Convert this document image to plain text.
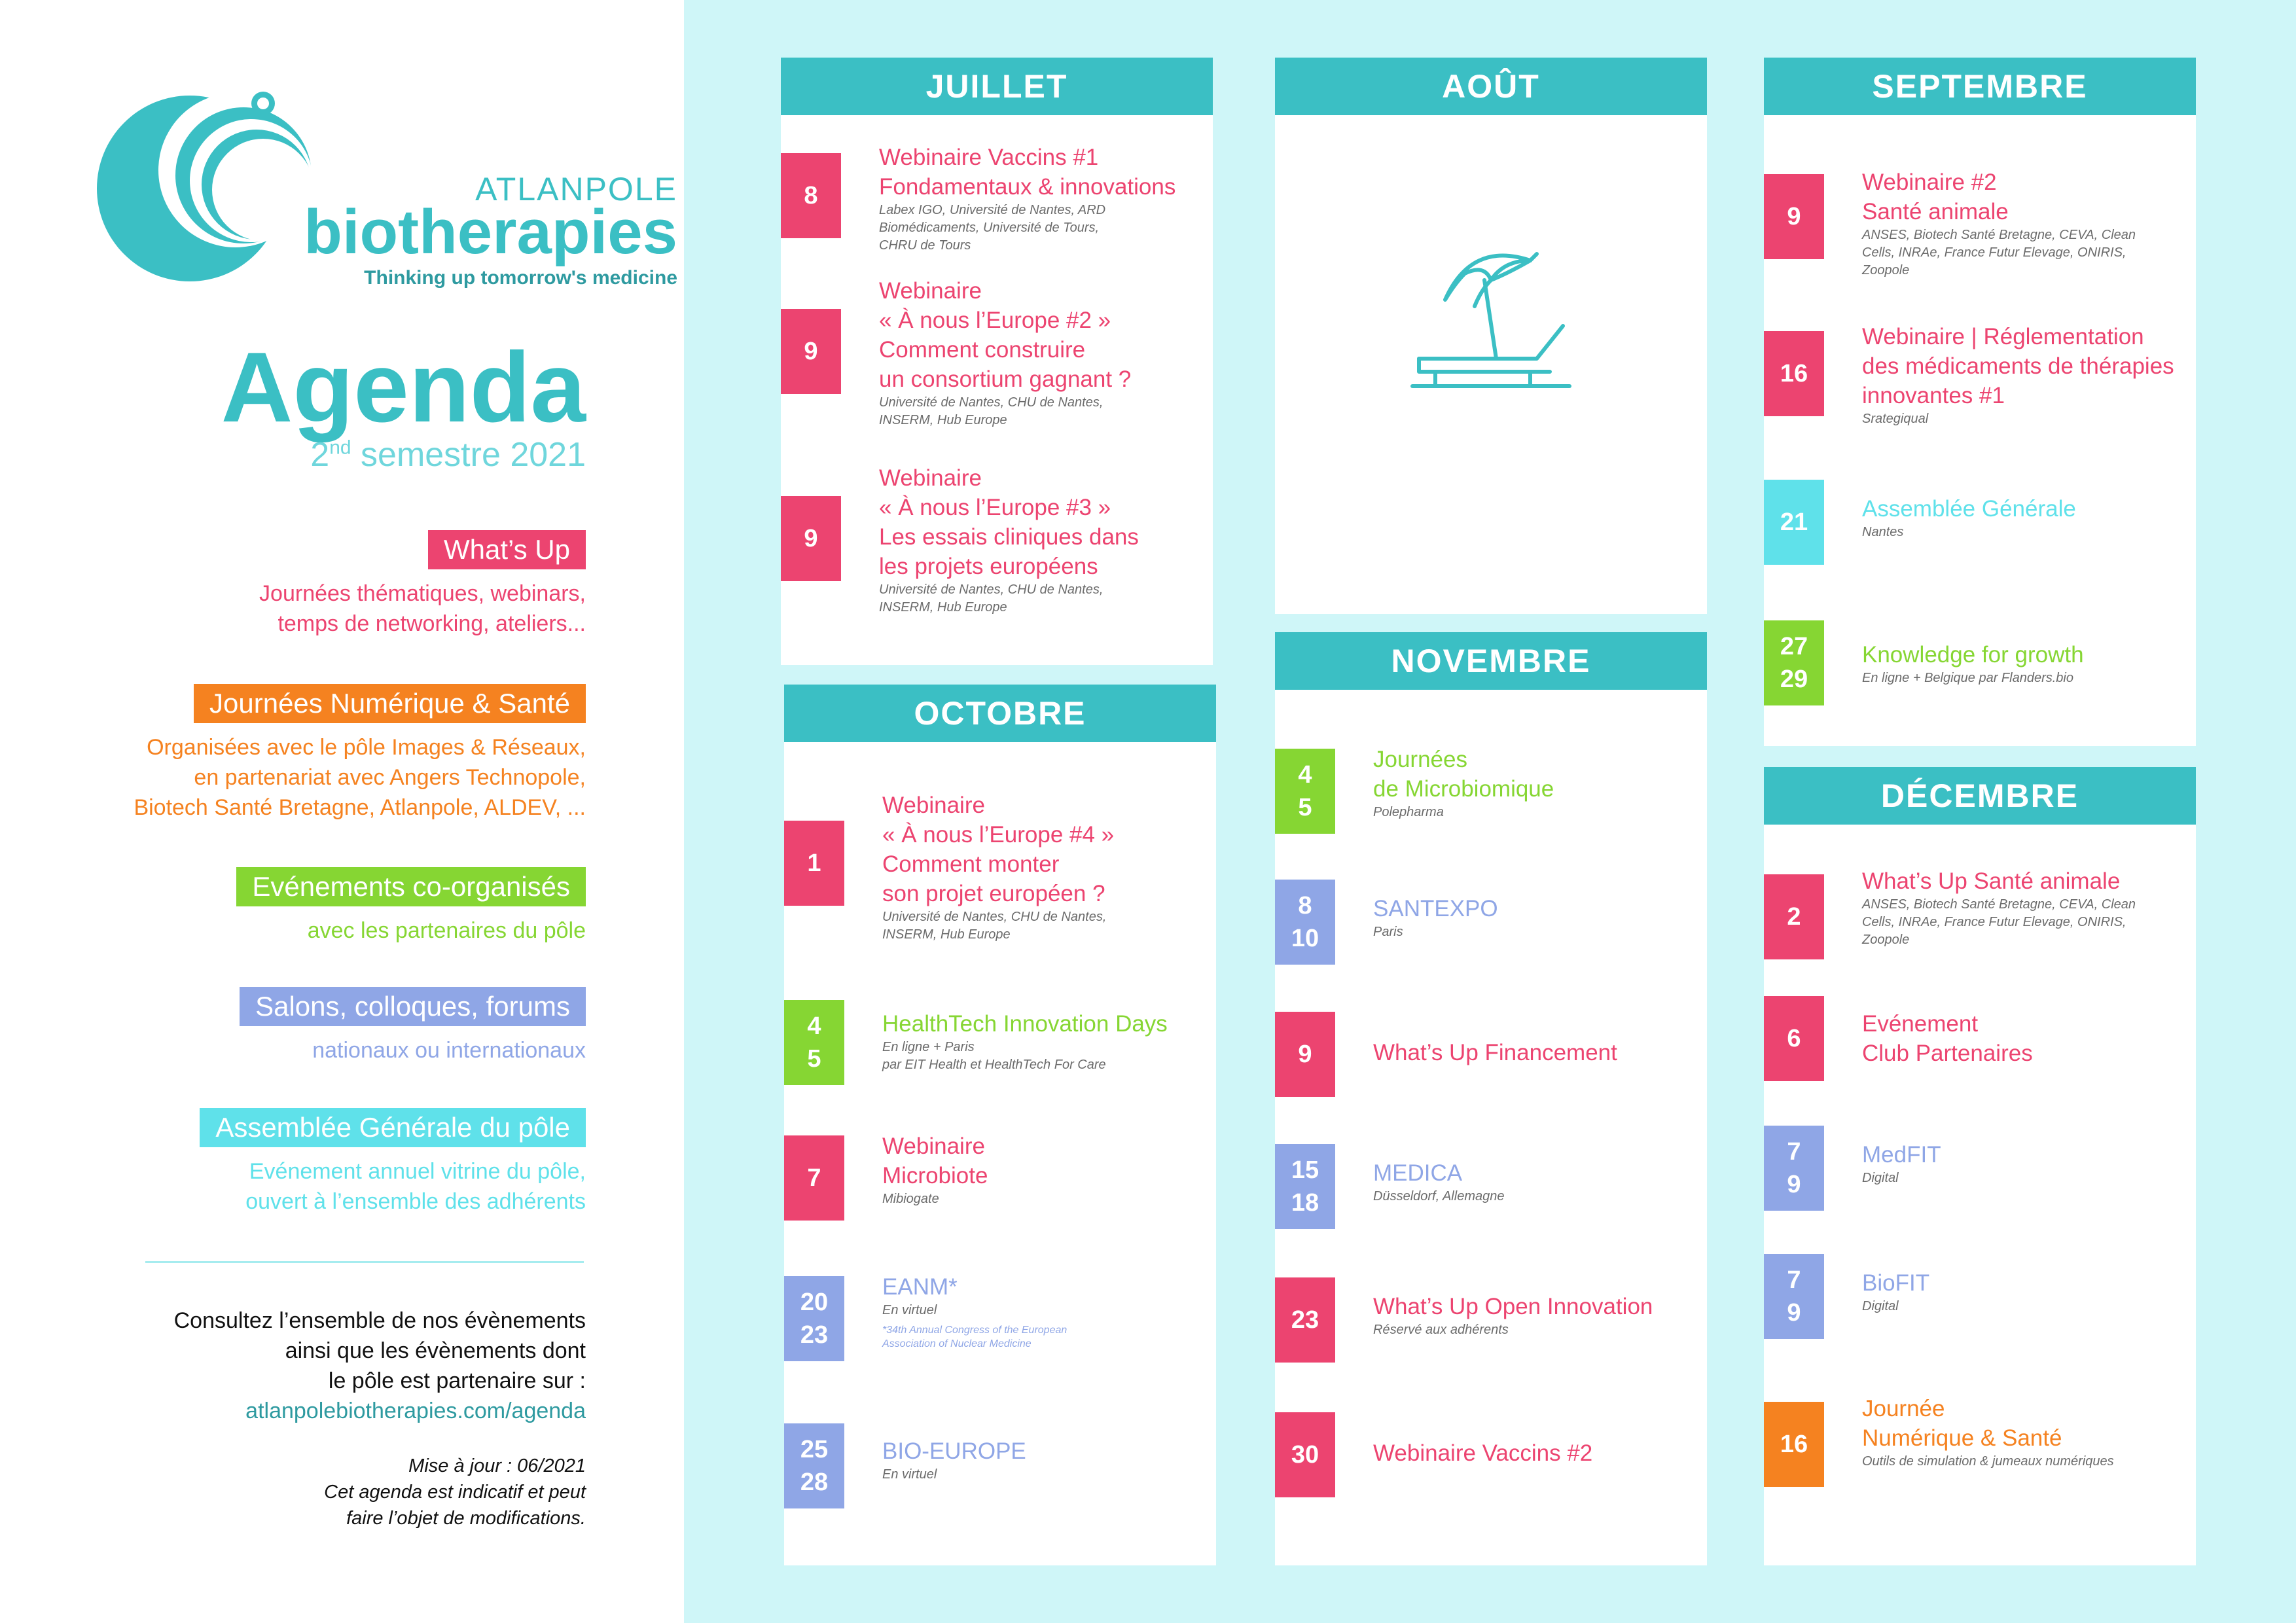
ATLANPOLE
biotherapies
Thinking up tomorrow's medicine
Agenda
2nd semestre 2021
What’s Up
Journées thématiques, webinars,
temps de networking, ateliers...
Journées Numérique & Santé
Organisées avec le pôle Images & Réseaux,
en partenariat avec Angers Technopole,
Biotech Santé Bretagne, Atlanpole, ALDEV, ...
Evénements co-organisés
avec les partenaires du pôle
Salons, colloques, forums
nationaux ou internationaux
Assemblée Générale du pôle
Evénement annuel vitrine du pôle,
ouvert à l’ensemble des adhérents
Consultez l’ensemble de nos évènements
ainsi que les évènements dont
le pôle est partenaire sur :
atlanpolebiotherapies.com/agenda
Mise à jour : 06/2021
Cet agenda est indicatif et peut
faire l’objet de modifications.
JUILLET
8
Webinaire Vaccins #1
Fondamentaux & innovations
Labex IGO, Université de Nantes, ARD
Biomédicaments, Université de Tours,
CHRU de Tours
9
Webinaire
« À nous l’Europe #2 »
Comment construire
un consortium gagnant ?
Université de Nantes, CHU de Nantes,
INSERM, Hub Europe
9
Webinaire
« À nous l’Europe #3 »
Les essais cliniques dans
les projets européens
Université de Nantes, CHU de Nantes,
INSERM, Hub Europe
AOÛT	SEPTEMBRE
9
Webinaire #2
Santé animale
ANSES, Biotech Santé Bretagne, CEVA, Clean
Cells, INRAe, France Futur Elevage, ONIRIS,
Zoopole
16
Webinaire | Réglementation
des médicaments de thérapies
innovantes #1
Srategiqual
21 Assemblée Générale
Nantes
27
29
Knowledge for growth
En ligne + Belgique par Flanders.bio
OCTOBRE
1
Webinaire
« À nous l’Europe #4 »
Comment monter
son projet européen ?
Université de Nantes, CHU de Nantes,
INSERM, Hub Europe
4
5
HealthTech Innovation Days
En ligne + Paris
par EIT Health et HealthTech For Care
7
Webinaire
Microbiote
Mibiogate
20
23
EANM*
En virtuel
*34th Annual Congress of the European
Association of Nuclear Medicine
25
28
BIO-EUROPE
En virtuel
NOVEMBRE
4
5
Journées
de Microbiomique
Polepharma
8
10
SANTEXPO
Paris
9	What’s Up Financement
15
18
MEDICA
Düsseldorf, Allemagne
23 What’s Up Open Innovation
Réservé aux adhérents
30 Webinaire Vaccins #2
DÉCEMBRE
2
What’s Up Santé animale
ANSES, Biotech Santé Bretagne, CEVA, Clean
Cells, INRAe, France Futur Elevage, ONIRIS,
Zoopole
6
Evénement
Club Partenaires
7
9
MedFIT
Digital
7
9
BioFIT
Digital
16
Journée
Numérique & Santé
Outils de simulation & jumeaux numériques
